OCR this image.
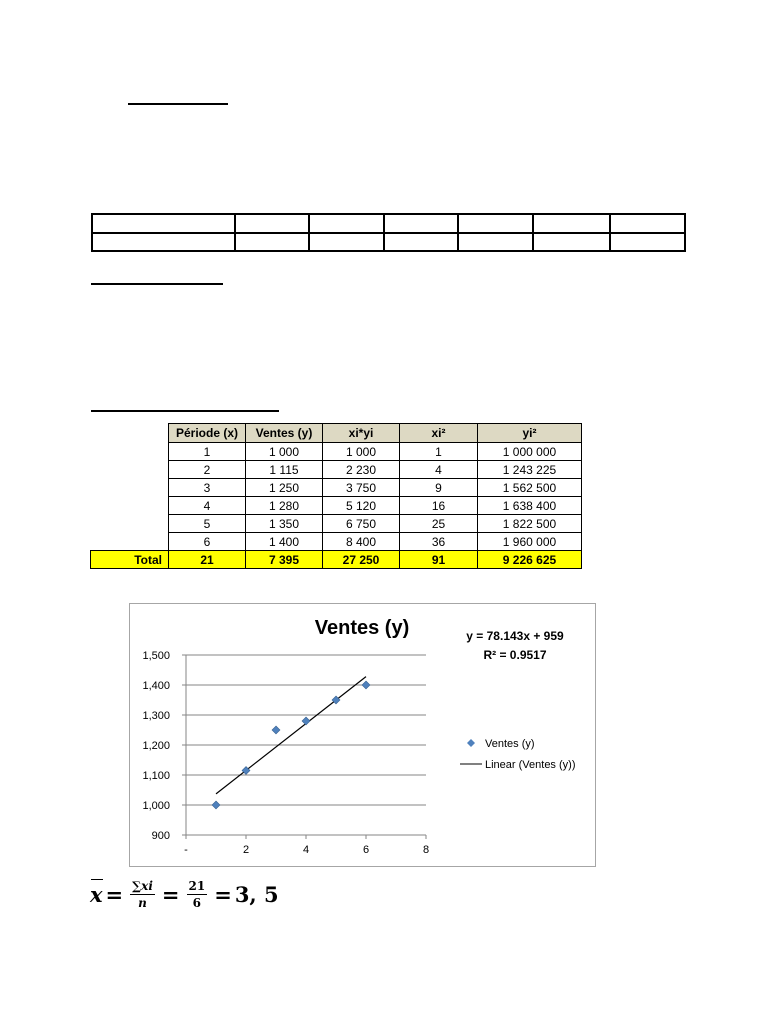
	Période (x)	Ventes (y)	xi*yi	xi²	yi²
	1	1 000	1 000	1	1 000 000
	2	1 115	2 230	4	1 243 225
	3	1 250	3 750	9	1 562 500
	4	1 280	5 120	16	1 638 400
	5	1 350	6 750	25	1 822 500
	6	1 400	8 400	36	1 960 000
Total	21	7 395	27 250	91	9 226 625
900
1,000
1,100
1,200
1,300
1,400
1,500
-	2	4	6	8
Ventes (y)	y = 78.143x + 959
R² = 0.9517
Ventes (y)
Linear (Ventes (y))
$x = \frac{\sum xi}{n} = \frac{21}{6} = 3$, 5
